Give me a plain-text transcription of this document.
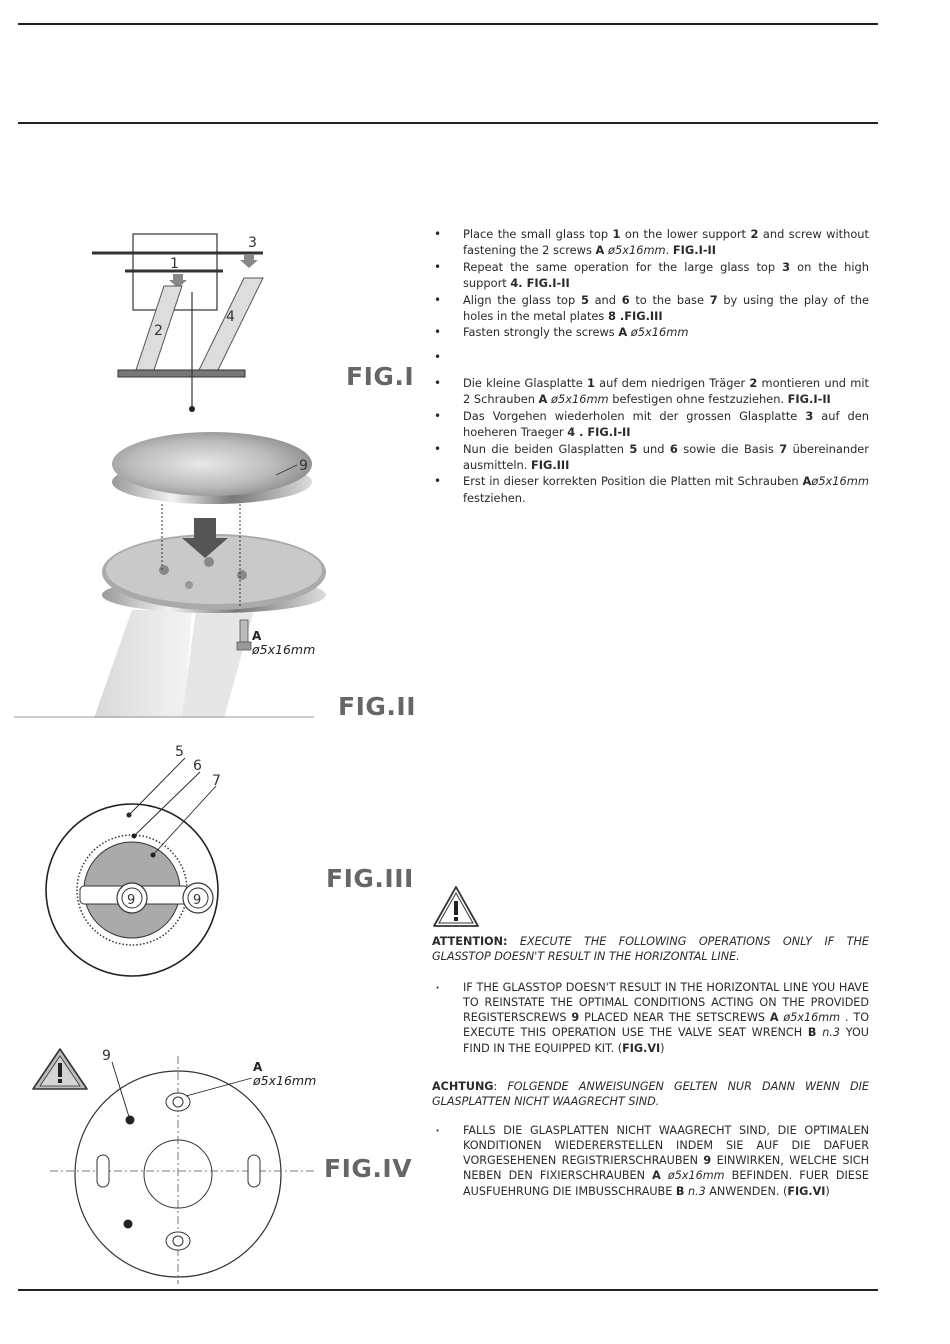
1
3
2
4
FIG.I
9
A
ø5x16mm
FIG.II
5
6
7
9	9
FIG.III
9
A
ø5x16mm
FIG.IV
• Place the small glass top 1 on the lower support 2 and screw without fastening the 2 screws A ø5x16mm. FIG.I-II
• Repeat the same operation for the large glass top 3 on the high support 4. FIG.I-II
• Align the glass top 5 and 6 to the base 7 by using the play of the holes in the metal plates 8 .FIG.III
• Fasten strongly the screws A ø5x16mm
•
• Die kleine Glasplatte 1 auf dem niedrigen Träger 2 montieren und mit 2 Schrauben A ø5x16mm befestigen ohne festzuziehen. FIG.I-II
• Das Vorgehen wiederholen mit der grossen Glasplatte 3 auf den hoeheren Traeger 4 . FIG.I-II
• Nun die beiden Glasplatten 5 und 6 sowie die Basis 7 übereinander ausmitteln. FIG.III
• Erst in dieser korrekten Position die Platten mit Schrauben Aø5x16mm festziehen.

ATTENTION: EXECUTE THE FOLLOWING OPERATIONS ONLY IF THE GLASSTOP DOESN'T RESULT IN THE HORIZONTAL LINE.

· IF THE GLASSTOP DOESN'T RESULT IN THE HORIZONTAL LINE YOU HAVE TO REINSTATE THE OPTIMAL CONDITIONS ACTING ON THE PROVIDED REGISTERSCREWS 9 PLACED NEAR THE SETSCREWS A ø5x16mm . TO EXECUTE THIS OPERATION USE THE VALVE SEAT WRENCH B n.3 YOU FIND IN THE EQUIPPED KIT. (FIG.VI)

ACHTUNG: FOLGENDE ANWEISUNGEN GELTEN NUR DANN WENN DIE GLASPLATTEN NICHT WAAGRECHT SIND.

· FALLS DIE GLASPLATTEN NICHT WAAGRECHT SIND, DIE OPTIMALEN KONDITIONEN WIEDERERSTELLEN INDEM SIE AUF DIE DAFUER VORGESEHENEN REGISTRIERSCHRAUBEN 9 EINWIRKEN, WELCHE SICH NEBEN DEN FIXIERSCHRAUBEN A ø5x16mm BEFINDEN. FUER DIESE AUSFUEHRUNG DIE IMBUSSCHRAUBE B n.3 ANWENDEN. (FIG.VI)
